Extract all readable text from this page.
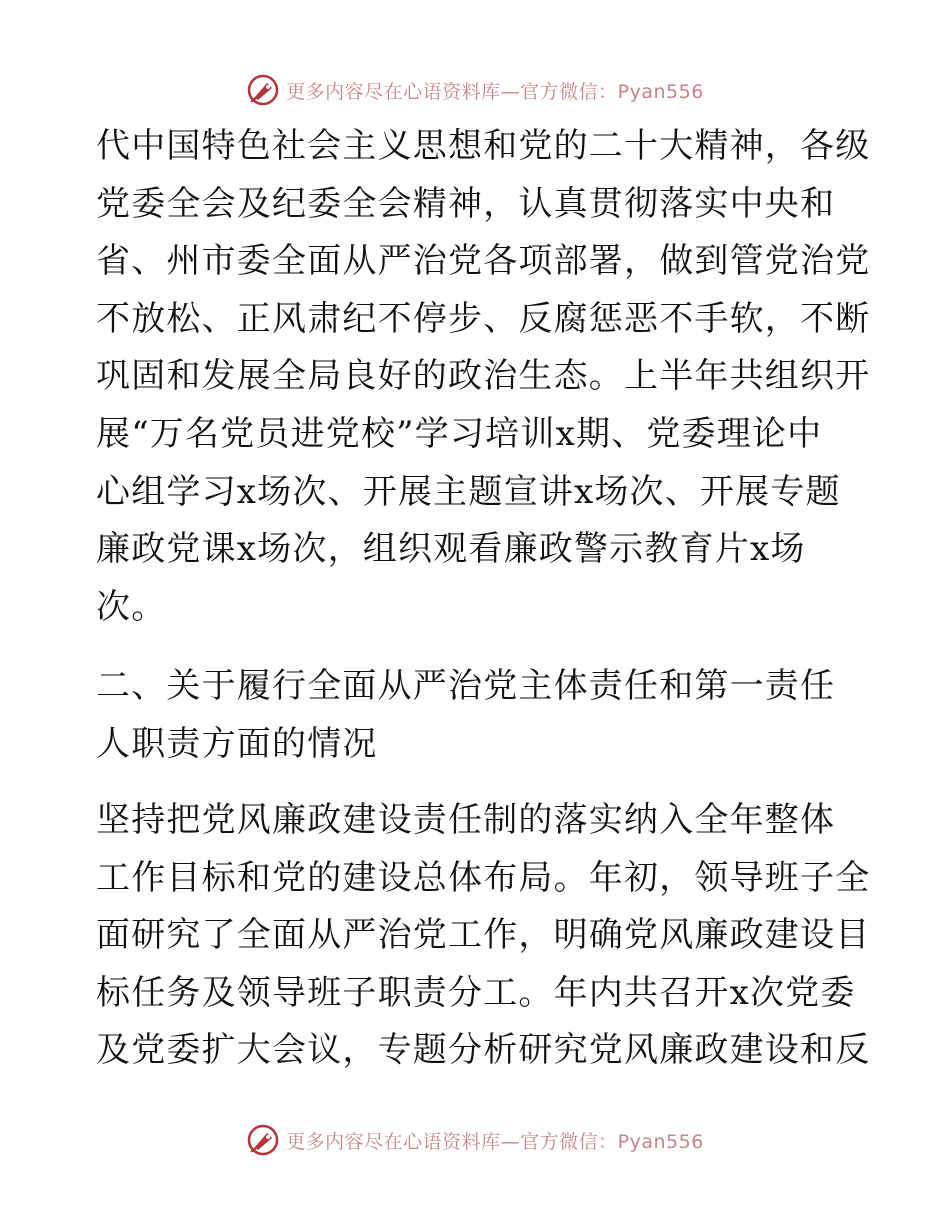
更多内容尽在心语资料库—官方微信：Pyan556
代中国特色社会主义思想和党的二十大精神，各级
党委全会及纪委全会精神，认真贯彻落实中央和
省、州市委全面从严治党各项部署，做到管党治党
不放松、正风肃纪不停步、反腐惩恶不手软，不断
巩固和发展全局良好的政治生态。上半年共组织开
展“万名党员进党校”学习培训x期、党委理论中
心组学习x场次、开展主题宣讲x场次、开展专题
廉政党课x场次，组织观看廉政警示教育片x场
次。
二、关于履行全面从严治党主体责任和第一责任
人职责方面的情况
坚持把党风廉政建设责任制的落实纳入全年整体
工作目标和党的建设总体布局。年初，领导班子全
面研究了全面从严治党工作，明确党风廉政建设目
标任务及领导班子职责分工。年内共召开x次党委
及党委扩大会议，专题分析研究党风廉政建设和反
更多内容尽在心语资料库—官方微信：Pyan556
